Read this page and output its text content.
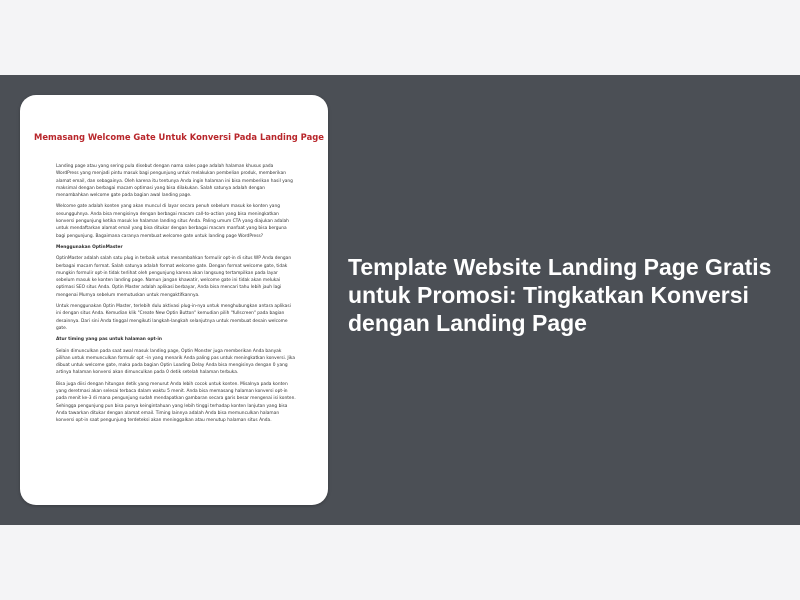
Memasang Welcome Gate Untuk Konversi Pada Landing Page

Landing page atau yang sering pula disebut dengan nama sales page adalah halaman khusus pada WordPress yang menjadi pintu masuk bagi pengunjung untuk melakukan pembelian produk, memberikan alamat email, dan sebagainya. Oleh karena itu tentunya Anda ingin halaman ini bisa memberikan hasil yang maksimal dengan berbagai macam optimasi yang bisa dilakukan. Salah satunya adalah dengan menambahkan welcome gate pada bagian awal landing page.

Welcome gate adalah konten yang akan muncul di layar secara penuh sebelum masuk ke konten yang sesungguhnya. Anda bisa mengisinya dengan berbagai macam call-to-action yang bisa meningkatkan konversi pengunjung ketika masuk ke halaman landing situs Anda. Paling umum CTA yang diajukan adalah untuk mendaftarkan alamat email yang bisa ditukar dengan berbagai macam manfaat yang bisa berguna bagi pengunjung. Bagaimana caranya membuat welcome gate untuk landing page WordPress?

Menggunakan OptinMaster

OptinMaster adalah salah satu plug in terbaik untuk menambahkan formulir opt-in di situs WP Anda dengan berbagai macam format. Salah satunya adalah format welcome gate. Dengan format welcome gate, tidak mungkin formulir opt-in tidak terlihat oleh pengunjung karena akan langsung tertampilkan pada layar sebelum masuk ke konten landing page. Namun jangan khawatir, welcome gate ini tidak akan melukai optimasi SEO situs Anda. Optin Master adalah aplikasi berbayar, Anda bisa mencari tahu lebih jauh lagi mengenai Murnya sebelum memutuskan untuk mengaktifkannya.

Untuk menggunakan Optin Master, terlebih dulu aktivasi plug-in-nya untuk menghubungkan antara aplikasi ini dengan situs Anda. Kemudian klik "Create New Optin Button" kemudian pilih "fullscreen" pada bagian desainnya. Dari sini Anda tinggal mengikuti langkah-langkah selanjutnya untuk membuat desain welcome gate.

Atur timing yang pas untuk halaman opt-in

Selain dimunculkan pada saat awal masuk landing page, Optin Monster juga memberikan Anda banyak pilihan untuk memunculkan formulir opt –in yang menarik Anda paling pas untuk meningkatkan konversi. Jika dibuat untuk welcome gate, maka pada bagian Optin Loading Delay Anda bisa mengisinya dengan 0 yang artinya halaman konversi akan dimunculkan pada 0 detik setelah halaman terbuka.

Bisa juga diisi dengan hitungan detik yang menurut Anda lebih cocok untuk konten. Misalnya pada konten yang deretmasi akan selesai terbaca dalam waktu 5 menit. Anda bisa memasang halaman konversi opt-in pada menit ke-3 di mana pengunjung sudah mendapatkan gambaran secara garis besar mengenai isi konten. Sehingga pengunjung pun bisa punya keingintahuan yang lebih tinggi terhadap konten lanjutan yang bisa Anda tawarkan ditukar dengan alamat email. Timing lainnya adalah Anda bisa memunculkan halaman konversi opt-in saat pengunjung terdeteksi akan meninggalkan atau menutup halaman situs Anda.

Template Website Landing Page Gratis untuk Promosi: Tingkatkan Konversi dengan Landing Page
